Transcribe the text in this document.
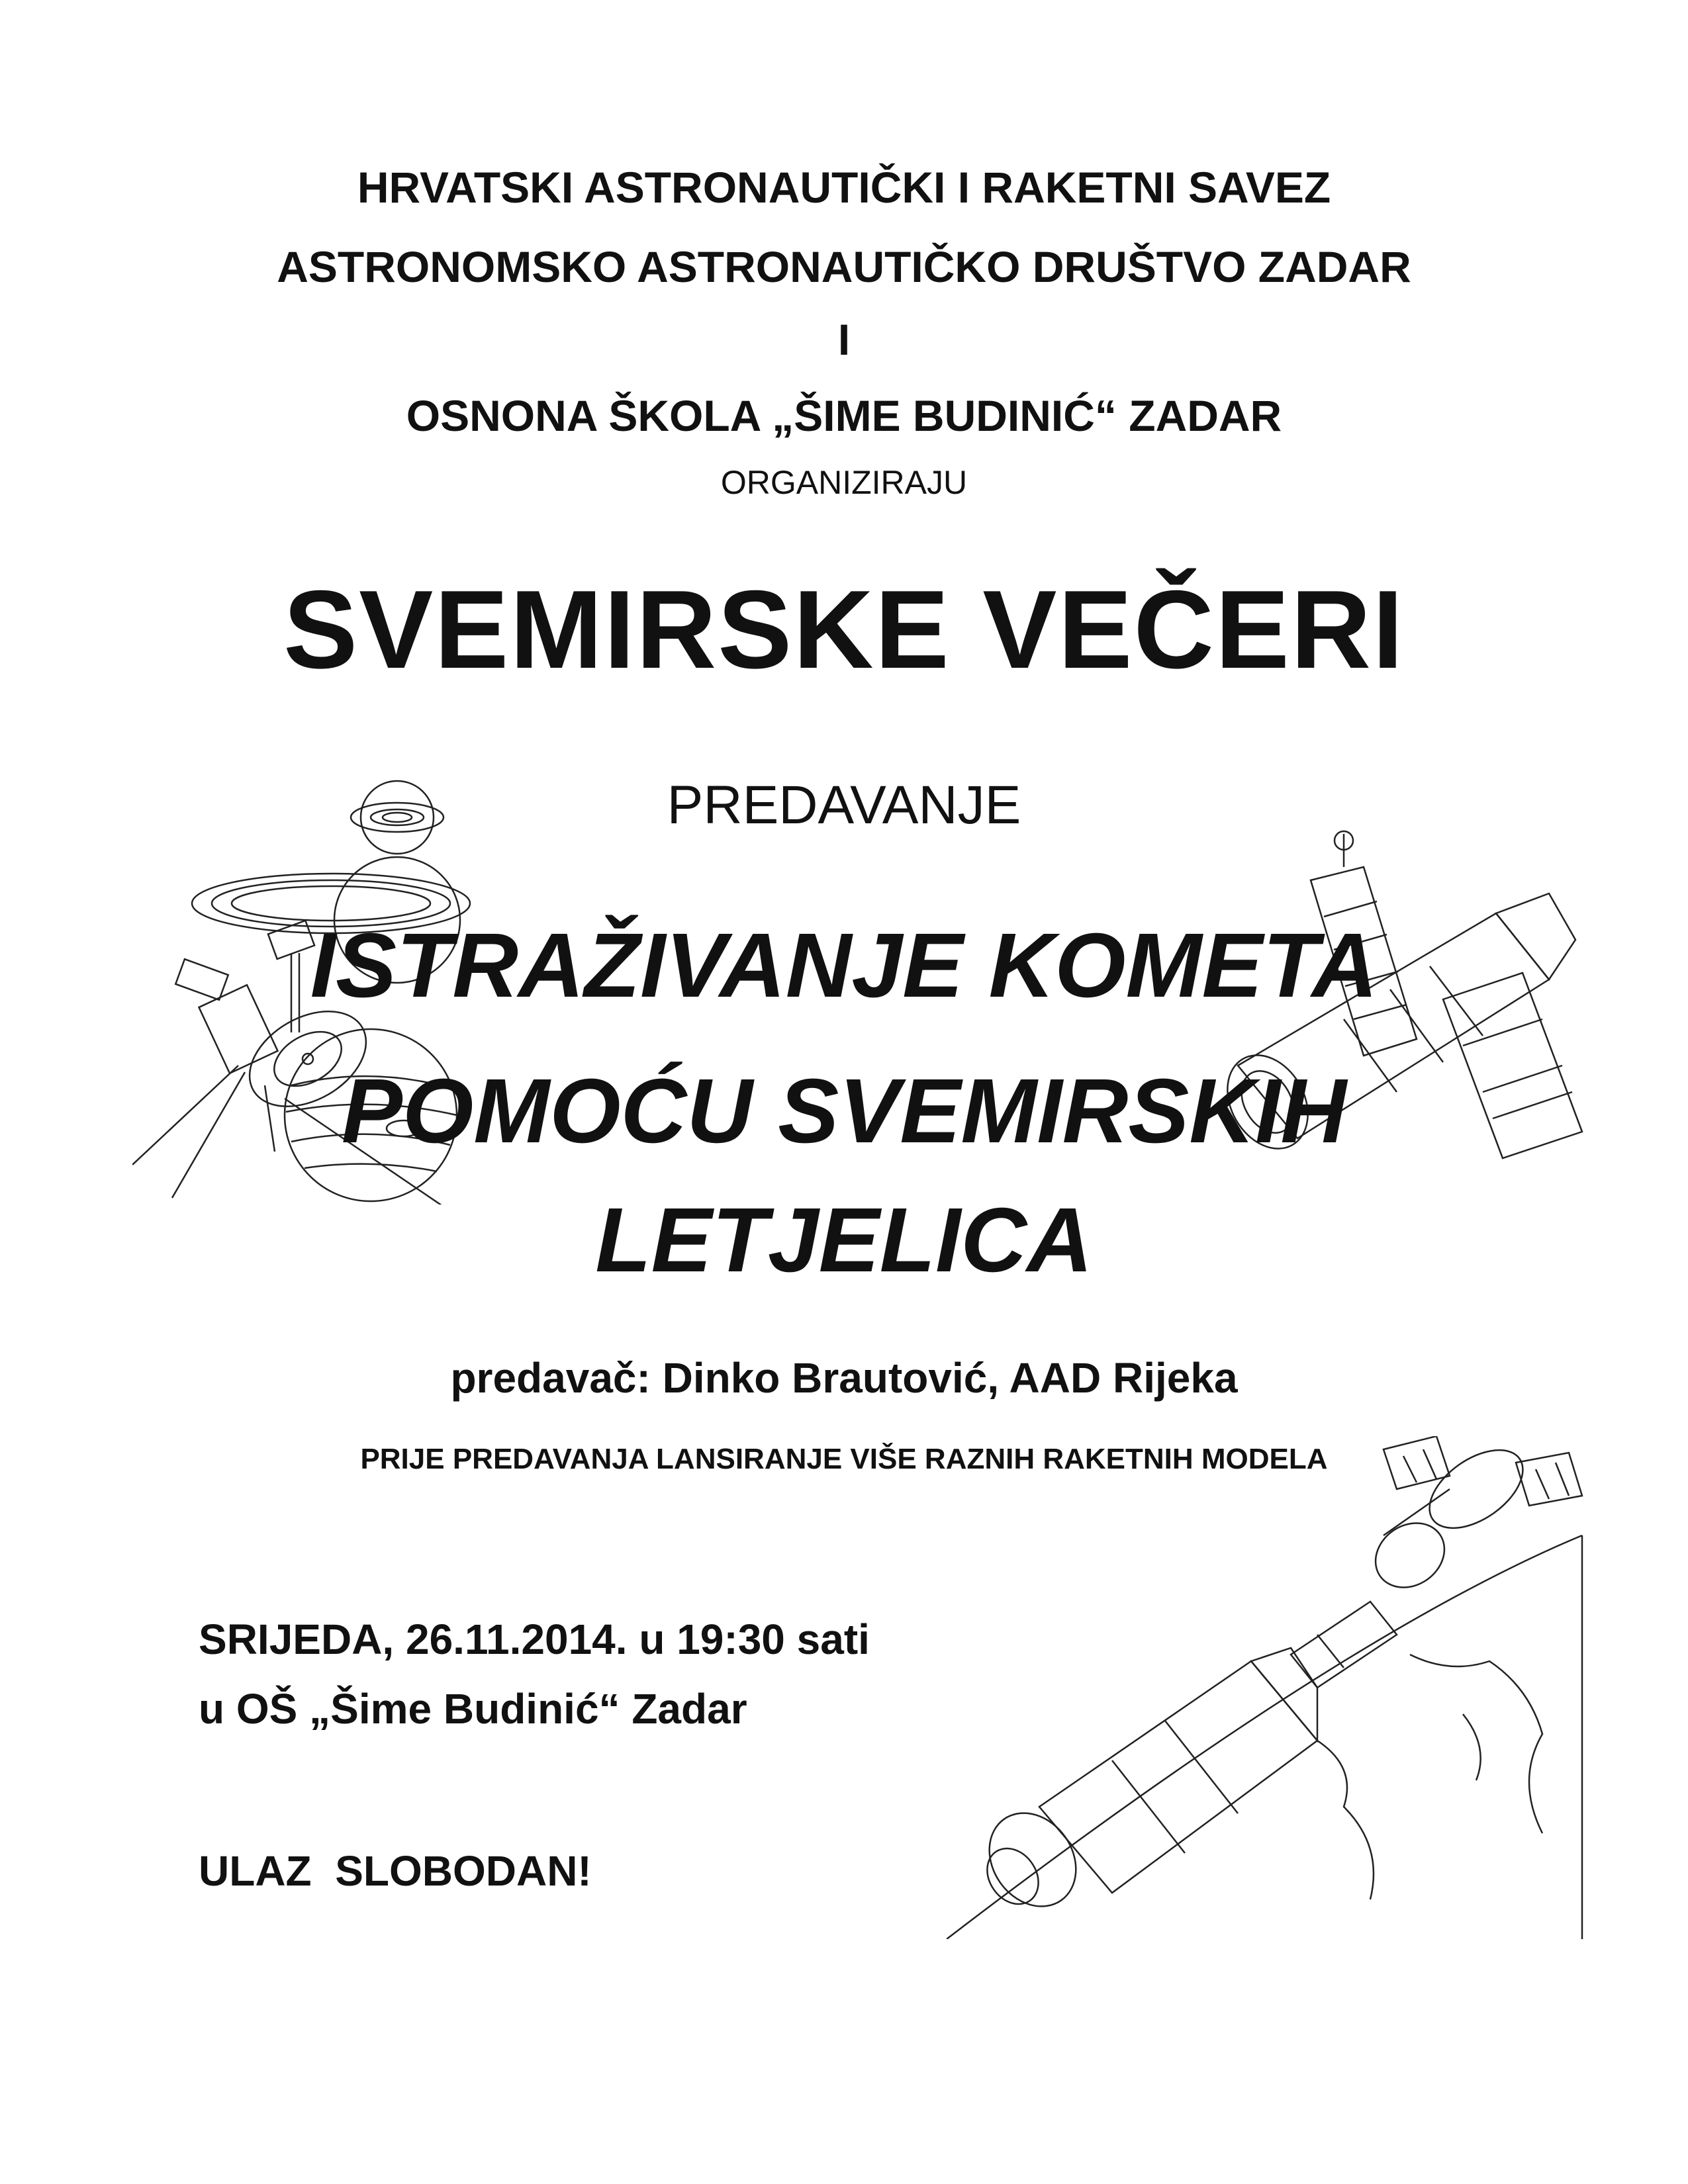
HRVATSKI ASTRONAUTIČKI I RAKETNI SAVEZ
ASTRONOMSKO ASTRONAUTIČKO DRUŠTVO ZADAR
I
OSNONA ŠKOLA „ŠIME BUDINIĆ“ ZADAR
ORGANIZIRAJU
SVEMIRSKE VEČERI
PREDAVANJE
ISTRAŽIVANJE KOMETA
POMOĆU SVEMIRSKIH
LETJELICA
predavač: Dinko Brautović, AAD Rijeka
PRIJE PREDAVANJA LANSIRANJE VIŠE RAZNIH RAKETNIH MODELA
SRIJEDA, 26.11.2014. u 19:30 sati
u OŠ „Šime Budinić“ Zadar
ULAZ  SLOBODAN!
